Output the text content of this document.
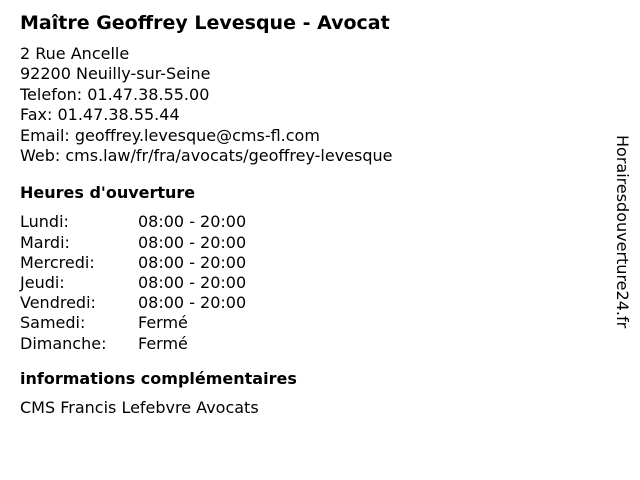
Maître Geoffrey Levesque - Avocat
2 Rue Ancelle
92200 Neuilly-sur-Seine
Telefon: 01.47.38.55.00
Fax: 01.47.38.55.44
Email: geoffrey.levesque@cms-fl.com
Web: cms.law/fr/fra/avocats/geoffrey-levesque
Heures d'ouverture
Lundi:	08:00 - 20:00
Mardi:	08:00 - 20:00
Mercredi:	08:00 - 20:00
Jeudi:	08:00 - 20:00
Vendredi:	08:00 - 20:00
Samedi:	Fermé
Dimanche:	Fermé
informations complémentaires
CMS Francis Lefebvre Avocats
Horairesdouverture24.fr
